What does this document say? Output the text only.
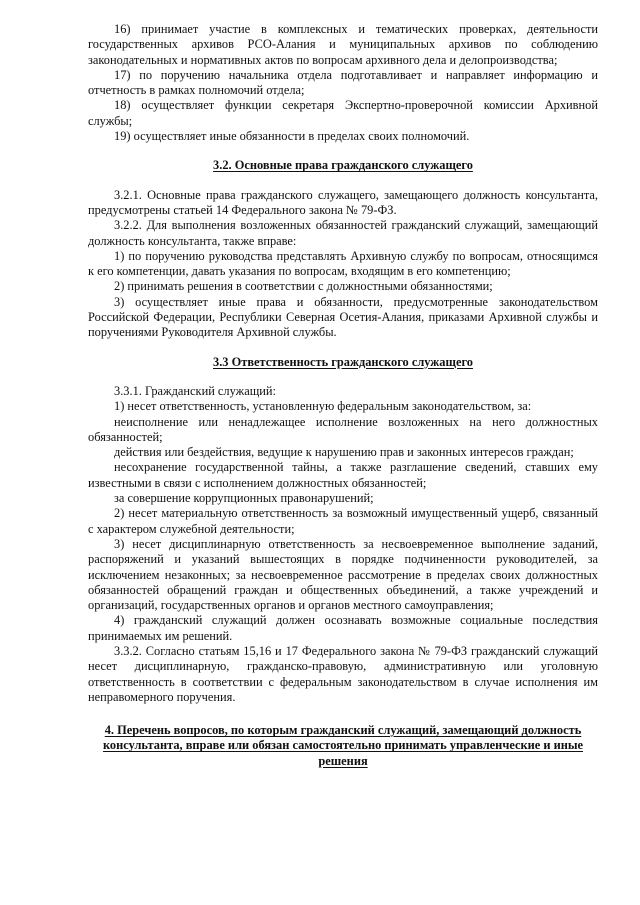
16) принимает участие в комплексных и тематических проверках, деятельности государственных архивов РСО-Алания и муниципальных архивов по соблюдению законодательных и нормативных актов по вопросам архивного дела и делопроизводства;

17) по поручению начальника отдела подготавливает и направляет информацию и отчетность в рамках полномочий отдела;

18) осуществляет функции секретаря Экспертно-проверочной комиссии Архивной службы;

19) осуществляет иные обязанности в пределах своих полномочий.

3.2. Основные права гражданского служащего

3.2.1. Основные права гражданского служащего, замещающего должность консультанта, предусмотрены статьей 14 Федерального закона № 79-ФЗ.

3.2.2. Для выполнения возложенных обязанностей гражданский служащий, замещающий должность консультанта, также вправе:

1) по поручению руководства представлять Архивную службу по вопросам, относящимся к его компетенции, давать указания по вопросам, входящим в его компетенцию;

2) принимать решения в соответствии с должностными обязанностями;

3) осуществляет иные права и обязанности, предусмотренные законодательством Российской Федерации, Республики Северная Осетия-Алания, приказами Архивной службы и поручениями Руководителя Архивной службы.

3.3 Ответственность гражданского служащего

3.3.1. Гражданский служащий:

1) несет ответственность, установленную федеральным законодательством, за:

неисполнение или ненадлежащее исполнение возложенных на него должностных обязанностей;

действия или бездействия, ведущие к нарушению прав и законных интересов граждан;

несохранение государственной тайны, а также разглашение сведений, ставших ему известными в связи с исполнением должностных обязанностей;

за совершение коррупционных правонарушений;

2) несет материальную ответственность за возможный имущественный ущерб, связанный с характером служебной деятельности;

3) несет дисциплинарную ответственность за несвоевременное выполнение заданий, распоряжений и указаний вышестоящих в порядке подчиненности руководителей, за исключением незаконных; за несвоевременное рассмотрение в пределах своих должностных обязанностей обращений граждан и общественных объединений, а также учреждений и организаций, государственных органов и органов местного самоуправления;

4) гражданский служащий должен осознавать возможные социальные последствия принимаемых им решений.

3.3.2. Согласно статьям 15,16 и 17 Федерального закона № 79-ФЗ гражданский служащий несет дисциплинарную, гражданско-правовую, административную или уголовную ответственность в соответствии с федеральным законодательством в случае исполнения им неправомерного поручения.

4. Перечень вопросов, по которым гражданский служащий, замещающий должность консультанта, вправе или обязан самостоятельно принимать управленческие и иные решения
